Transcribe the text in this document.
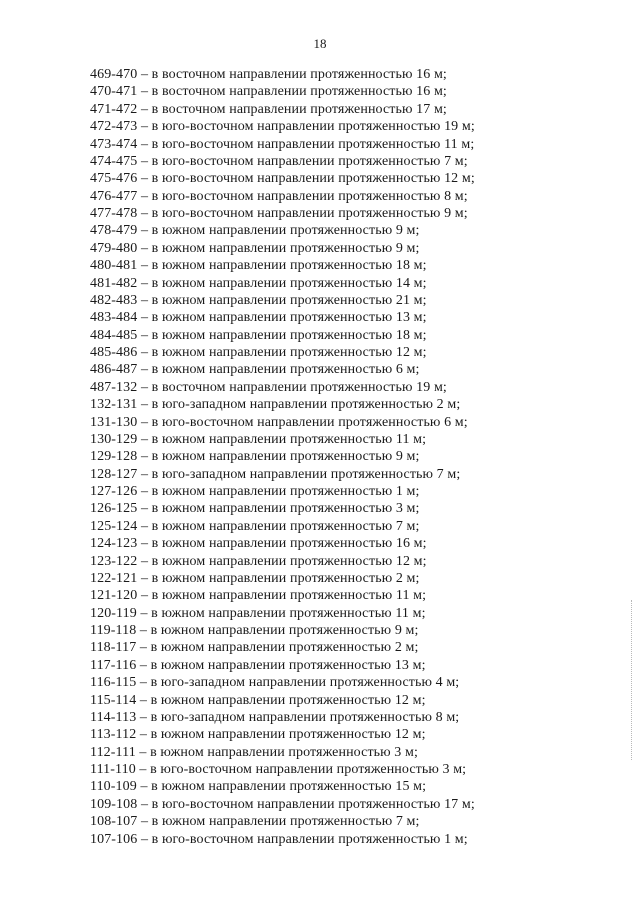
18
469-470 – в восточном направлении протяженностью 16 м;
470-471 – в восточном направлении протяженностью 16 м;
471-472 – в восточном направлении протяженностью 17 м;
472-473 – в юго-восточном направлении протяженностью 19 м;
473-474 – в юго-восточном направлении протяженностью 11 м;
474-475 – в юго-восточном направлении протяженностью 7 м;
475-476 – в юго-восточном направлении протяженностью 12 м;
476-477 – в юго-восточном направлении протяженностью 8 м;
477-478 – в юго-восточном направлении протяженностью 9 м;
478-479 – в южном направлении протяженностью 9 м;
479-480 – в южном направлении протяженностью 9 м;
480-481 – в южном направлении протяженностью 18 м;
481-482 – в южном направлении протяженностью 14 м;
482-483 – в южном направлении протяженностью 21 м;
483-484 – в южном направлении протяженностью 13 м;
484-485 – в южном направлении протяженностью 18 м;
485-486 – в южном направлении протяженностью 12 м;
486-487 – в южном направлении протяженностью 6 м;
487-132 – в восточном направлении протяженностью 19 м;
132-131 – в юго-западном направлении протяженностью 2 м;
131-130 – в юго-восточном направлении протяженностью 6 м;
130-129 – в южном направлении протяженностью 11 м;
129-128 – в южном направлении протяженностью 9 м;
128-127 – в юго-западном направлении протяженностью 7 м;
127-126 – в южном направлении протяженностью 1 м;
126-125 – в южном направлении протяженностью 3 м;
125-124 – в южном направлении протяженностью 7 м;
124-123 – в южном направлении протяженностью 16 м;
123-122 – в южном направлении протяженностью 12 м;
122-121 – в южном направлении протяженностью 2 м;
121-120 – в южном направлении протяженностью 11 м;
120-119 – в южном направлении протяженностью 11 м;
119-118 – в южном направлении протяженностью 9 м;
118-117 – в южном направлении протяженностью 2 м;
117-116 – в южном направлении протяженностью 13 м;
116-115 – в юго-западном направлении протяженностью 4 м;
115-114 – в южном направлении протяженностью 12 м;
114-113 – в юго-западном направлении протяженностью 8 м;
113-112 – в южном направлении протяженностью 12 м;
112-111 – в южном направлении протяженностью 3 м;
111-110 – в юго-восточном направлении протяженностью 3 м;
110-109 – в южном направлении протяженностью 15 м;
109-108 – в юго-восточном направлении протяженностью 17 м;
108-107 – в южном направлении протяженностью 7 м;
107-106 – в юго-восточном направлении протяженностью 1 м;
